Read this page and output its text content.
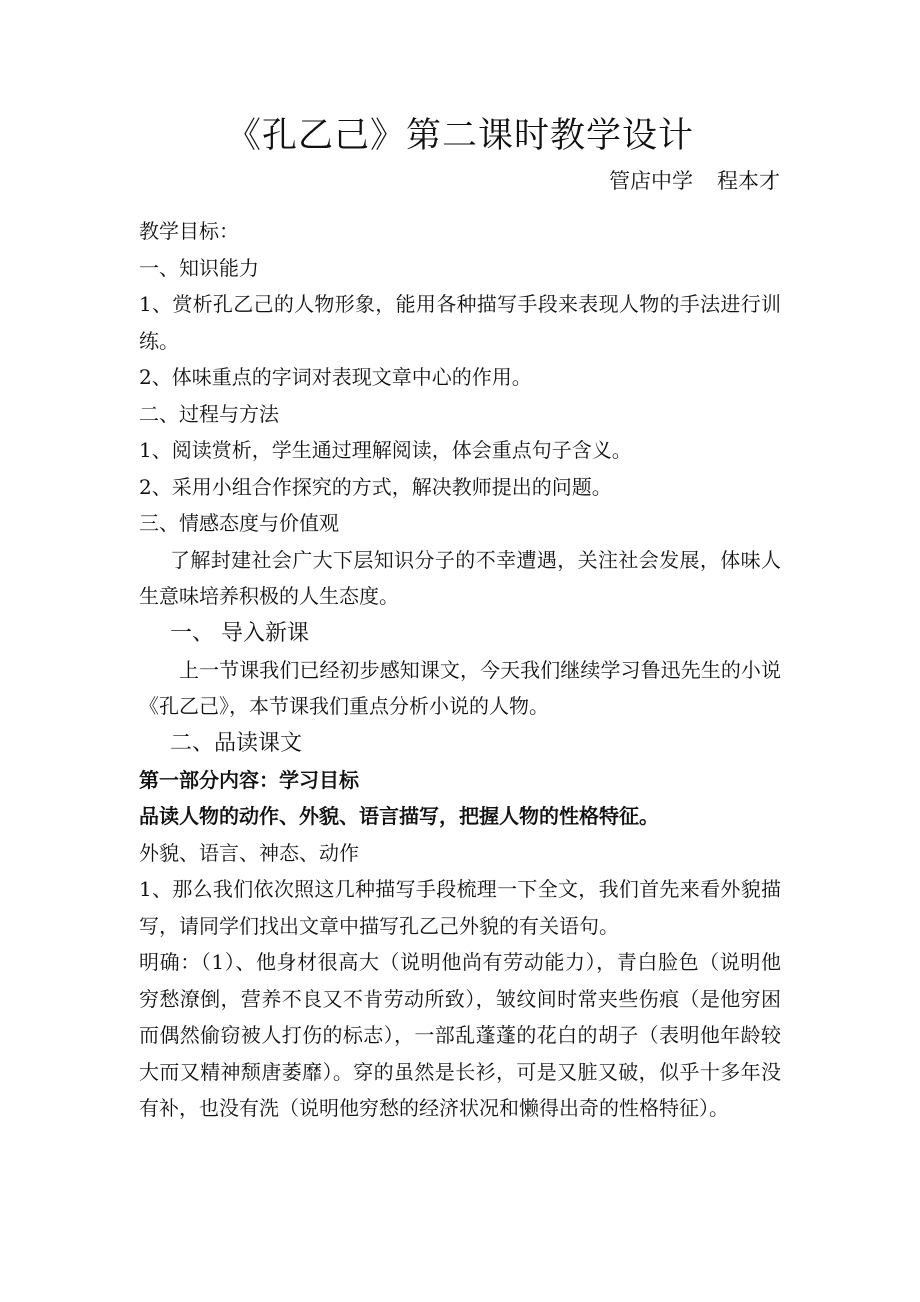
《孔乙己》第二课时教学设计
管店中学 程本才

教学目标：

一、知识能力

1、赏析孔乙己的人物形象，能用各种描写手段来表现人物的手法进行训练。

2、体味重点的字词对表现文章中心的作用。

二、过程与方法

1、阅读赏析，学生通过理解阅读，体会重点句子含义。

2、采用小组合作探究的方式，解决教师提出的问题。

三、情感态度与价值观

了解封建社会广大下层知识分子的不幸遭遇，关注社会发展，体味人生意味培养积极的人生态度。

一、 导入新课

上一节课我们已经初步感知课文，今天我们继续学习鲁迅先生的小说《孔乙己》，本节课我们重点分析小说的人物。

二、品读课文

第一部分内容：学习目标

品读人物的动作、外貌、语言描写，把握人物的性格特征。

外貌、语言、神态、动作

1、那么我们依次照这几种描写手段梳理一下全文，我们首先来看外貌描写，请同学们找出文章中描写孔乙己外貌的有关语句。

明确：（1）、他身材很高大（说明他尚有劳动能力），青白脸色（说明他穷愁潦倒，营养不良又不肯劳动所致），皱纹间时常夹些伤痕（是他穷困而偶然偷窃被人打伤的标志），一部乱蓬蓬的花白的胡子（表明他年龄较大而又精神颓唐萎靡）。穿的虽然是长衫，可是又脏又破，似乎十多年没有补，也没有洗（说明他穷愁的经济状况和懒得出奇的性格特征）。
